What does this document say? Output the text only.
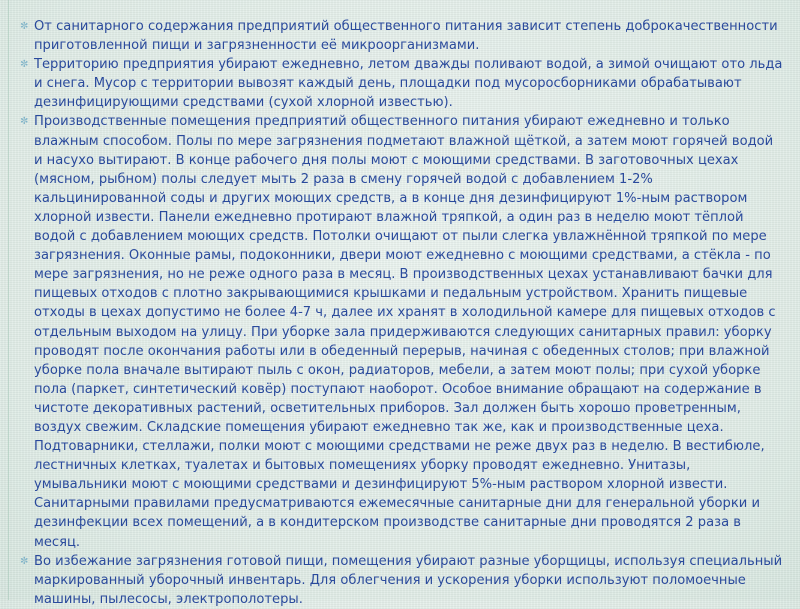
✼ От санитарного содержания предприятий общественного питания зависит степень доброкачественности приготовленной пищи и загрязненности её микроорганизмами.
✼ Территорию предприятия убирают ежедневно, летом дважды поливают водой, а зимой очищают ото льда и снега. Мусор с территории вывозят каждый день, площадки под мусоросборниками обрабатывают дезинфицирующими средствами (сухой хлорной известью).
✼ Производственные помещения предприятий общественного питания убирают ежедневно и только влажным способом. Полы по мере загрязнения подметают влажной щёткой, а затем моют горячей водой и насухо вытирают. В конце рабочего дня полы моют с моющими средствами. В заготовочных цехах (мясном, рыбном) полы следует мыть 2 раза в смену горячей водой с добавлением 1-2% кальцинированной соды и других моющих средств, а в конце дня дезинфицируют 1%-ным раствором хлорной извести. Панели ежедневно протирают влажной тряпкой, а один раз в неделю моют тёплой водой с добавлением моющих средств. Потолки очищают от пыли слегка увлажнённой тряпкой по мере загрязнения. Оконные рамы, подоконники, двери моют ежедневно с моющими средствами, а стёкла - по мере загрязнения, но не реже одного раза в месяц. В производственных цехах устанавливают бачки для пищевых отходов с плотно закрывающимися крышками и педальным устройством. Хранить пищевые отходы в цехах допустимо не более 4-7 ч, далее их хранят в холодильной камере для пищевых отходов с отдельным выходом на улицу. При уборке зала придерживаются следующих санитарных правил: уборку проводят после окончания работы или в обеденный перерыв, начиная с обеденных столов; при влажной уборке пола вначале вытирают пыль с окон, радиаторов, мебели, а затем моют полы; при сухой уборке пола (паркет, синтетический ковёр) поступают наоборот. Особое внимание обращают на содержание в чистоте декоративных растений, осветительных приборов. Зал должен быть хорошо проветренным, воздух свежим. Складские помещения убирают ежедневно так же, как и производственные цеха. Подтоварники, стеллажи, полки моют с моющими средствами не реже двух раз в неделю. В вестибюле, лестничных клетках, туалетах и бытовых помещениях уборку проводят ежедневно. Унитазы, умывальники моют с моющими средствами и дезинфицируют 5%-ным раствором хлорной извести. Санитарными правилами предусматриваются ежемесячные санитарные дни для генеральной уборки и дезинфекции всех помещений, а в кондитерском производстве санитарные дни проводятся 2 раза в месяц.
✼ Во избежание загрязнения готовой пищи, помещения убирают разные уборщицы, используя специальный маркированный уборочный инвентарь. Для облегчения и ускорения уборки используют поломоечные машины, пылесосы, электрополотеры.
